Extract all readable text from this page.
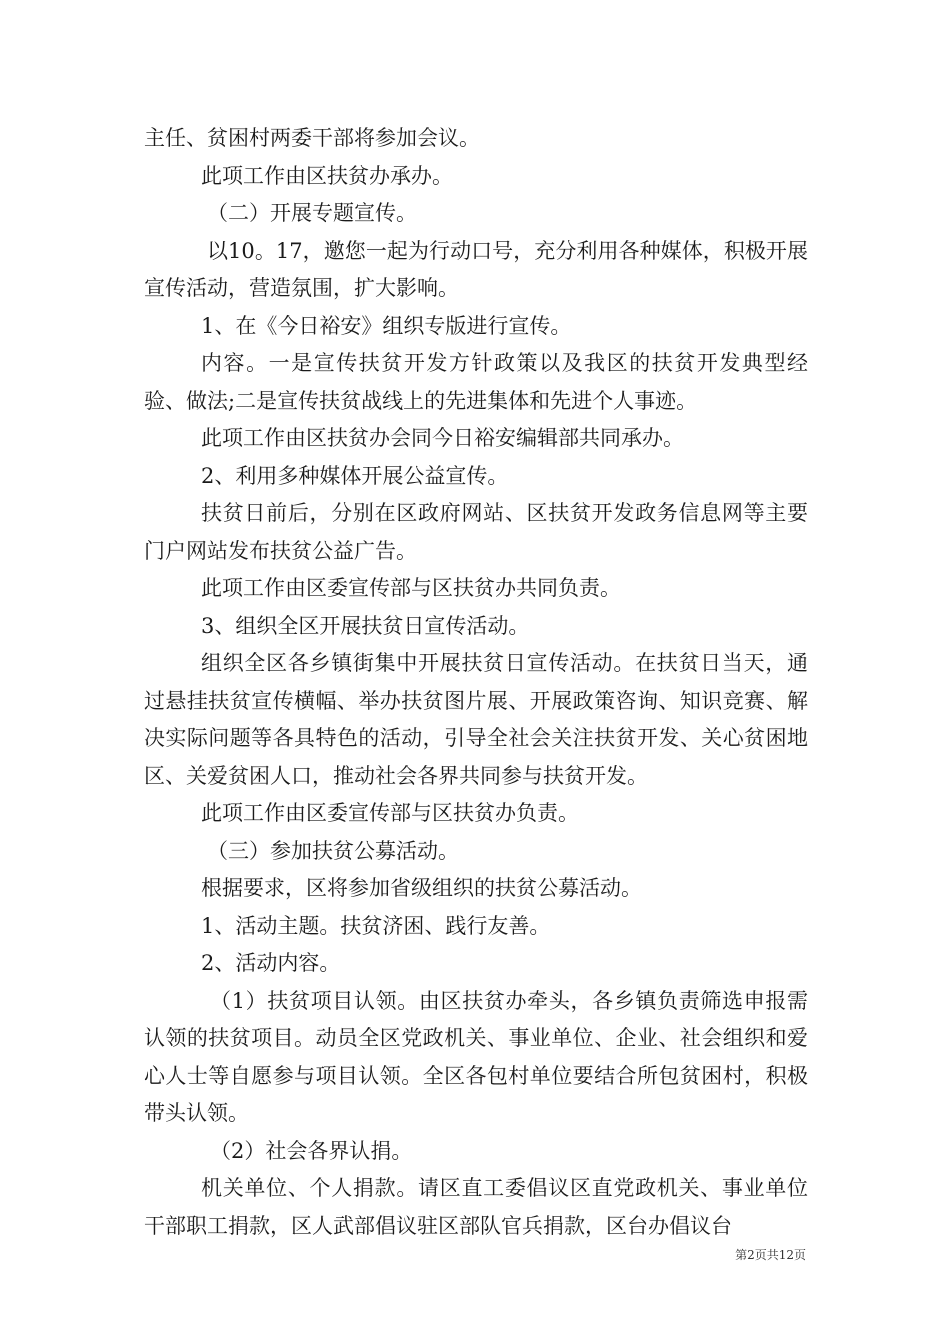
主任、贫困村两委干部将参加会议。

此项工作由区扶贫办承办。

（二）开展专题宣传。

以10。17，邀您一起为行动口号，充分利用各种媒体，积极开展宣传活动，营造氛围，扩大影响。

1、在《今日裕安》组织专版进行宣传。

内容。一是宣传扶贫开发方针政策以及我区的扶贫开发典型经验、做法;二是宣传扶贫战线上的先进集体和先进个人事迹。

此项工作由区扶贫办会同今日裕安编辑部共同承办。

2、利用多种媒体开展公益宣传。

扶贫日前后，分别在区政府网站、区扶贫开发政务信息网等主要门户网站发布扶贫公益广告。

此项工作由区委宣传部与区扶贫办共同负责。

3、组织全区开展扶贫日宣传活动。

组织全区各乡镇街集中开展扶贫日宣传活动。在扶贫日当天，通过悬挂扶贫宣传横幅、举办扶贫图片展、开展政策咨询、知识竞赛、解决实际问题等各具特色的活动，引导全社会关注扶贫开发、关心贫困地区、关爱贫困人口，推动社会各界共同参与扶贫开发。

此项工作由区委宣传部与区扶贫办负责。

（三）参加扶贫公募活动。

根据要求，区将参加省级组织的扶贫公募活动。

1、活动主题。扶贫济困、践行友善。

2、活动内容。

（1）扶贫项目认领。由区扶贫办牵头，各乡镇负责筛选申报需认领的扶贫项目。动员全区党政机关、事业单位、企业、社会组织和爱心人士等自愿参与项目认领。全区各包村单位要结合所包贫困村，积极带头认领。

（2）社会各界认捐。

机关单位、个人捐款。请区直工委倡议区直党政机关、事业单位干部职工捐款，区人武部倡议驻区部队官兵捐款，区台办倡议台

第2页共12页
